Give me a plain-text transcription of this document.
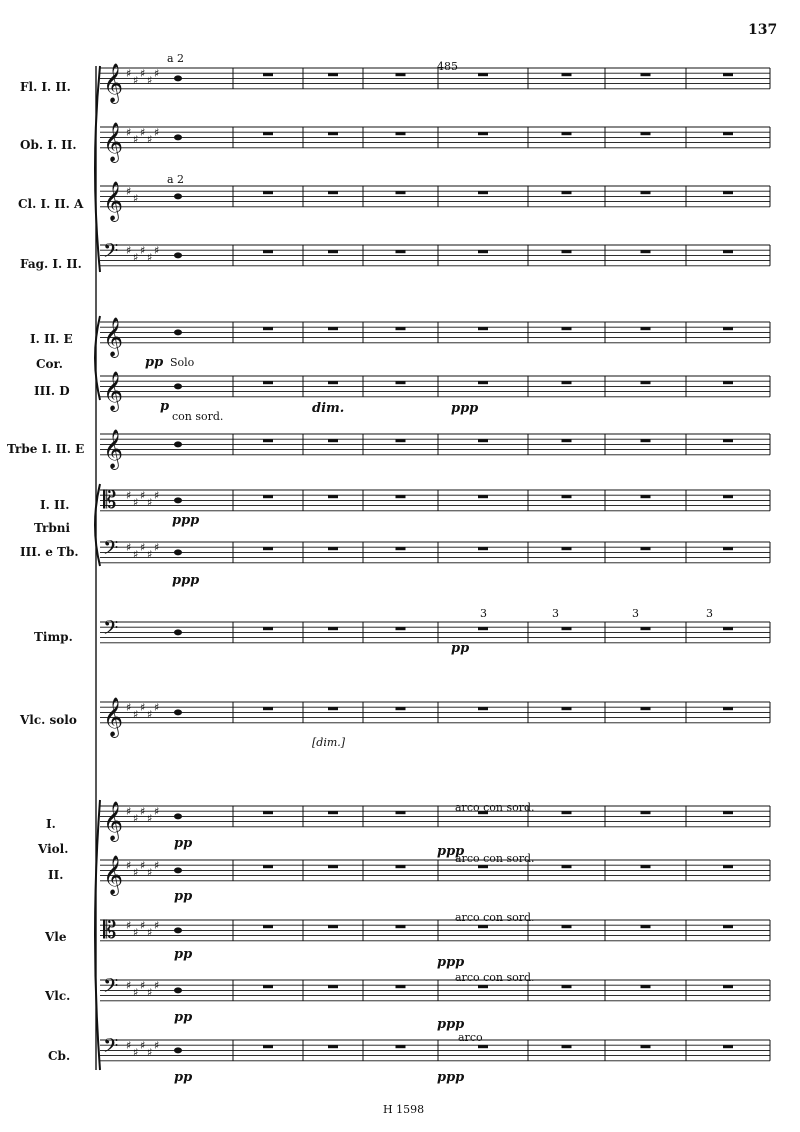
137
485
H 1598
𝄞 ♯
♯
♯
♯
♯
𝄞 ♯
♯
♯
♯
♯
𝄞 ♯
♯
𝄢 ♯
♯
♯
♯
♯
𝄞
𝄞
𝄞
𝄡 ♯
♯
♯
♯
♯
𝄢 ♯
♯
♯
♯
♯
𝄢
𝄞 ♯
♯
♯
♯
♯
𝄞 ♯
♯
♯
♯
♯
𝄞 ♯
♯
♯
♯
♯
𝄡 ♯
♯
♯
♯
♯
𝄢 ♯
♯
♯
♯
♯
𝄢 ♯
♯
♯
♯
♯
Fl. I. II.
Ob. I. II.
Cl. I. II. A
Fag. I. II.
I. II. E
Cor.
III. D
Trbe I. II. E
I. II.
Trbni
III. e Tb.
Timp.
Vlc. solo
I.
Viol.
II.
Vle
Vlc.
Cb.
a 2
a 2
pp Solo
p
con sord.
dim.	ppp
ppp
ppp
pp
3	3	3	3
[dim.]
pp
arco con sord.
ppp
arco con sord.
pp
arco con sord.
pp
ppp
arco con sord.
pp	ppp
arco
pp	ppp
